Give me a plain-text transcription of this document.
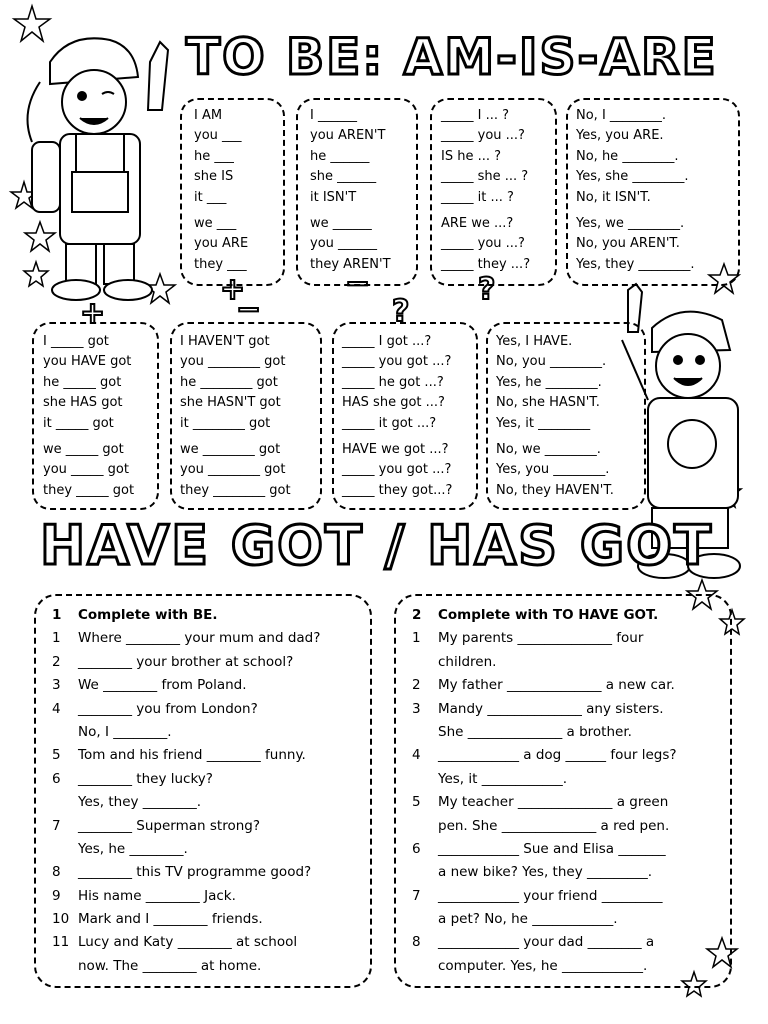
TO BE: AM-IS-ARE
HAVE GOT / HAS GOT
+	−	?
+	−	?
I AM
you ___
he ___
she IS
it ___
we ___
you ARE
they ___
I ______
you AREN'T
he ______
she ______
it ISN'T
we ______
you ______
they AREN'T
_____ I ... ?
_____ you ...?
IS he ... ?
_____ she ... ?
_____ it ... ?
ARE we ...?
_____ you ...?
_____ they ...?
No, I ________.
Yes, you ARE.
No, he ________.
Yes, she ________.
No, it ISN'T.
Yes, we ________.
No, you AREN'T.
Yes, they ________.
I _____ got
you HAVE got
he _____ got
she HAS got
it _____ got
we _____ got
you _____ got
they _____ got
I HAVEN'T got
you ________ got
he ________ got
she HASN'T got
it ________ got
we ________ got
you ________ got
they ________ got
_____ I got ...?
_____ you got ...?
_____ he got ...?
HAS she got ...?
_____ it got ...?
HAVE we got ...?
_____ you got ...?
_____ they got...?
Yes, I HAVE.
No, you ________.
Yes, he ________.
No, she HASN'T.
Yes, it ________
No, we ________.
Yes, you ________.
No, they HAVEN'T.
1 Complete with BE.
1 Where ________ your mum and dad?
2 ________ your brother at school?
3 We ________ from Poland.
4 ________ you from London?
No, I ________.
5 Tom and his friend ________ funny.
6 ________ they lucky?
Yes, they ________.
7 ________ Superman strong?
Yes, he ________.
8 ________ this TV programme good?
9 His name ________ Jack.
10 Mark and I ________ friends.
11 Lucy and Katy ________ at school
now. The ________ at home.
2 Complete with TO HAVE GOT.
1 My parents ______________ four
children.
2 My father ______________ a new car.
3 Mandy ______________ any sisters.
She ______________ a brother.
4 ____________ a dog ______ four legs?
Yes, it ____________.
5 My teacher ______________ a green
pen. She ______________ a red pen.
6 ____________ Sue and Elisa _______
a new bike? Yes, they _________.
7 ____________ your friend _________
a pet? No, he ____________.
8 ____________ your dad ________ a
computer. Yes, he ____________.
